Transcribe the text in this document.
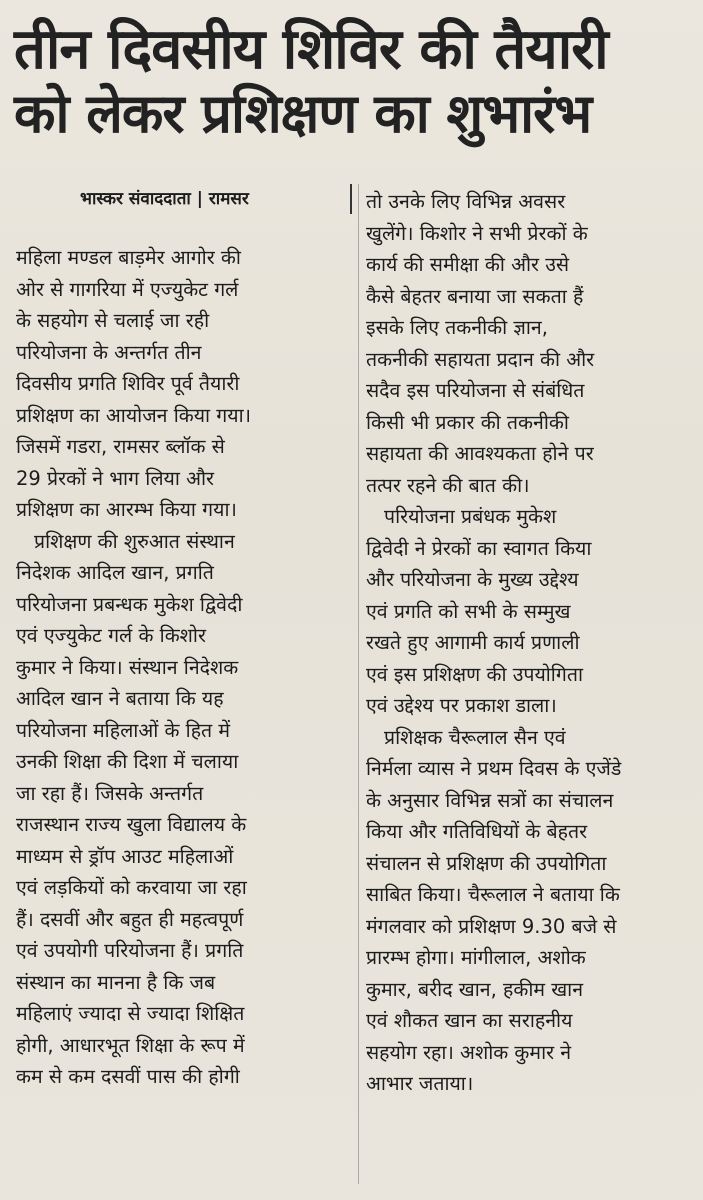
तीन दिवसीय शिविर की तैयारी
को लेकर प्रशिक्षण का शुभारंभ
भास्कर संवाददाता | रामसर
महिला मण्डल बाड़मेर आगोर की
ओर से गागरिया में एज्युकेट गर्ल
के सहयोग से चलाई जा रही
परियोजना के अन्तर्गत तीन
दिवसीय प्रगति शिविर पूर्व तैयारी
प्रशिक्षण का आयोजन किया गया।
जिसमें गडरा, रामसर ब्लॉक से
29 प्रेरकों ने भाग लिया और
प्रशिक्षण का आरम्भ किया गया।
प्रशिक्षण की शुरुआत संस्थान
निदेशक आदिल खान, प्रगति
परियोजना प्रबन्धक मुकेश द्विवेदी
एवं एज्युकेट गर्ल के किशोर
कुमार ने किया। संस्थान निदेशक
आदिल खान ने बताया कि यह
परियोजना महिलाओं के हित में
उनकी शिक्षा की दिशा में चलाया
जा रहा हैं। जिसके अन्तर्गत
राजस्थान राज्य खुला विद्यालय के
माध्यम से ड्रॉप आउट महिलाओं
एवं लड़कियों को करवाया जा रहा
हैं। दसवीं और बहुत ही महत्वपूर्ण
एवं उपयोगी परियोजना हैं। प्रगति
संस्थान का मानना है कि जब
महिलाएं ज्यादा से ज्यादा शिक्षित
होगी, आधारभूत शिक्षा के रूप में
कम से कम दसवीं पास की होगी
तो उनके लिए विभिन्न अवसर
खुलेंगे। किशोर ने सभी प्रेरकों के
कार्य की समीक्षा की और उसे
कैसे बेहतर बनाया जा सकता हैं
इसके लिए तकनीकी ज्ञान,
तकनीकी सहायता प्रदान की और
सदैव इस परियोजना से संबंधित
किसी भी प्रकार की तकनीकी
सहायता की आवश्यकता होने पर
तत्पर रहने की बात की।
परियोजना प्रबंधक मुकेश
द्विवेदी ने प्रेरकों का स्वागत किया
और परियोजना के मुख्य उद्देश्य
एवं प्रगति को सभी के सम्मुख
रखते हुए आगामी कार्य प्रणाली
एवं इस प्रशिक्षण की उपयोगिता
एवं उद्देश्य पर प्रकाश डाला।
प्रशिक्षक चैरूलाल सैन एवं
निर्मला व्यास ने प्रथम दिवस के एजेंडे
के अनुसार विभिन्न सत्रों का संचालन
किया और गतिविधियों के बेहतर
संचालन से प्रशिक्षण की उपयोगिता
साबित किया। चैरूलाल ने बताया कि
मंगलवार को प्रशिक्षण 9.30 बजे से
प्रारम्भ होगा। मांगीलाल, अशोक
कुमार, बरीद खान, हकीम खान
एवं शौकत खान का सराहनीय
सहयोग रहा। अशोक कुमार ने
आभार जताया।
